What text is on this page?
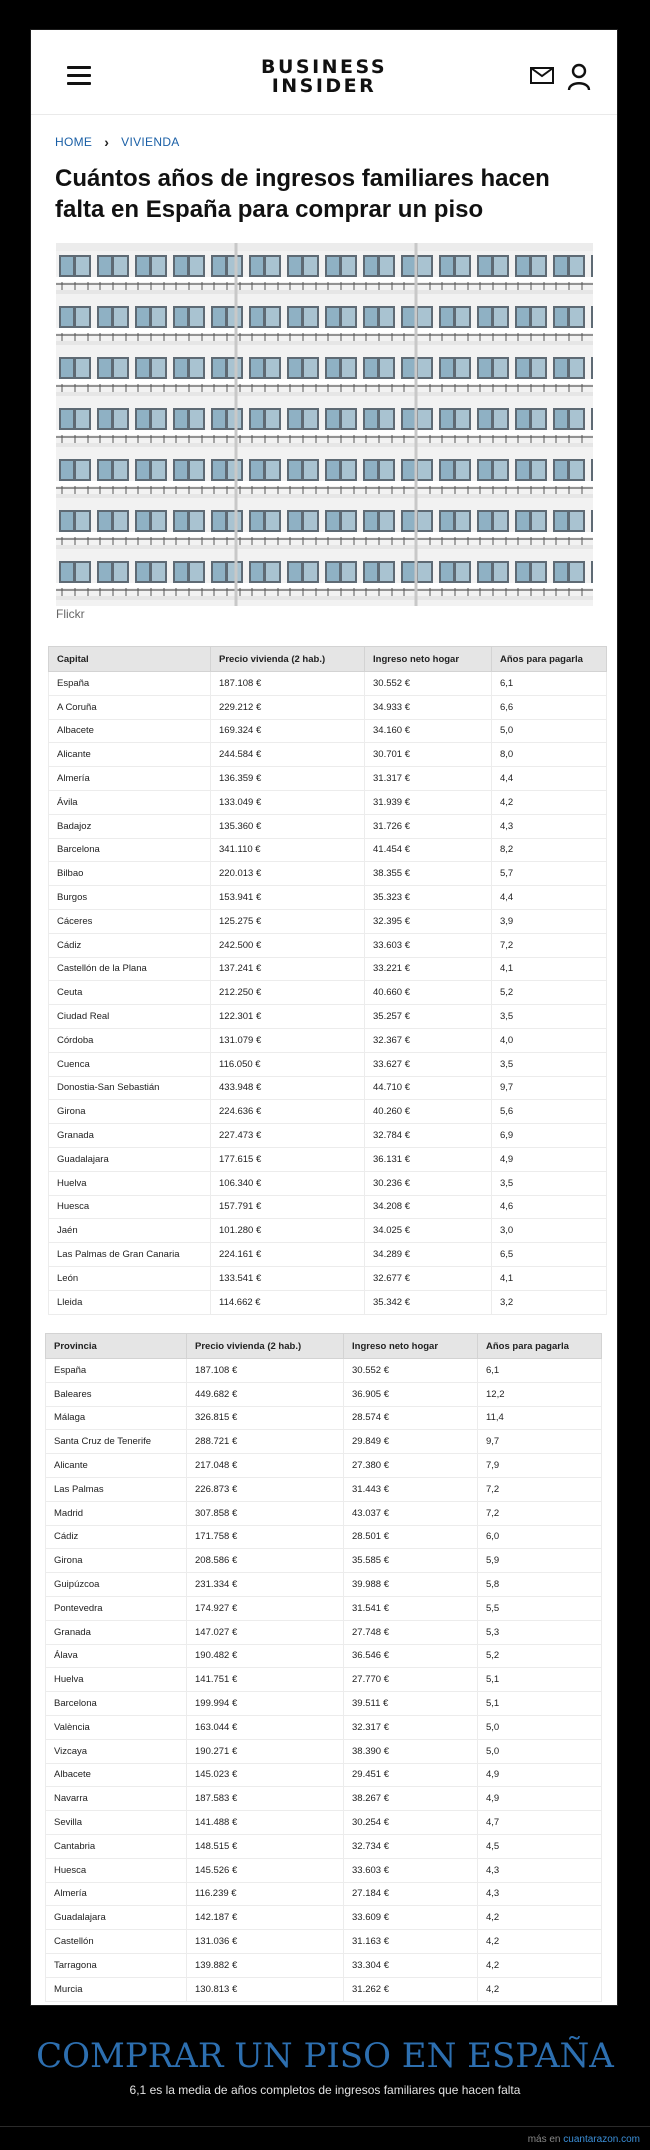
BUSINESS
INSIDER
HOME › VIVIENDA
Cuántos años de ingresos familiares hacen falta en España para comprar un piso
Flickr
Capital	Precio vivienda (2 hab.)	Ingreso neto hogar	Años para pagarla
España	187.108 €	30.552 €	6,1
A Coruña	229.212 €	34.933 €	6,6
Albacete	169.324 €	34.160 €	5,0
Alicante	244.584 €	30.701 €	8,0
Almería	136.359 €	31.317 €	4,4
Ávila	133.049 €	31.939 €	4,2
Badajoz	135.360 €	31.726 €	4,3
Barcelona	341.110 €	41.454 €	8,2
Bilbao	220.013 €	38.355 €	5,7
Burgos	153.941 €	35.323 €	4,4
Cáceres	125.275 €	32.395 €	3,9
Cádiz	242.500 €	33.603 €	7,2
Castellón de la Plana	137.241 €	33.221 €	4,1
Ceuta	212.250 €	40.660 €	5,2
Ciudad Real	122.301 €	35.257 €	3,5
Córdoba	131.079 €	32.367 €	4,0
Cuenca	116.050 €	33.627 €	3,5
Donostia-San Sebastián	433.948 €	44.710 €	9,7
Girona	224.636 €	40.260 €	5,6
Granada	227.473 €	32.784 €	6,9
Guadalajara	177.615 €	36.131 €	4,9
Huelva	106.340 €	30.236 €	3,5
Huesca	157.791 €	34.208 €	4,6
Jaén	101.280 €	34.025 €	3,0
Las Palmas de Gran Canaria	224.161 €	34.289 €	6,5
León	133.541 €	32.677 €	4,1
Lleida	114.662 €	35.342 €	3,2
Provincia	Precio vivienda (2 hab.)	Ingreso neto hogar	Años para pagarla
España	187.108 €	30.552 €	6,1
Baleares	449.682 €	36.905 €	12,2
Málaga	326.815 €	28.574 €	11,4
Santa Cruz de Tenerife	288.721 €	29.849 €	9,7
Alicante	217.048 €	27.380 €	7,9
Las Palmas	226.873 €	31.443 €	7,2
Madrid	307.858 €	43.037 €	7,2
Cádiz	171.758 €	28.501 €	6,0
Girona	208.586 €	35.585 €	5,9
Guipúzcoa	231.334 €	39.988 €	5,8
Pontevedra	174.927 €	31.541 €	5,5
Granada	147.027 €	27.748 €	5,3
Álava	190.482 €	36.546 €	5,2
Huelva	141.751 €	27.770 €	5,1
Barcelona	199.994 €	39.511 €	5,1
València	163.044 €	32.317 €	5,0
Vizcaya	190.271 €	38.390 €	5,0
Albacete	145.023 €	29.451 €	4,9
Navarra	187.583 €	38.267 €	4,9
Sevilla	141.488 €	30.254 €	4,7
Cantabria	148.515 €	32.734 €	4,5
Huesca	145.526 €	33.603 €	4,3
Almería	116.239 €	27.184 €	4,3
Guadalajara	142.187 €	33.609 €	4,2
Castellón	131.036 €	31.163 €	4,2
Tarragona	139.882 €	33.304 €	4,2
Murcia	130.813 €	31.262 €	4,2
COMPRAR UN PISO EN ESPAÑA
6,1 es la media de años completos de ingresos familiares que hacen falta
más en cuantarazon.com
